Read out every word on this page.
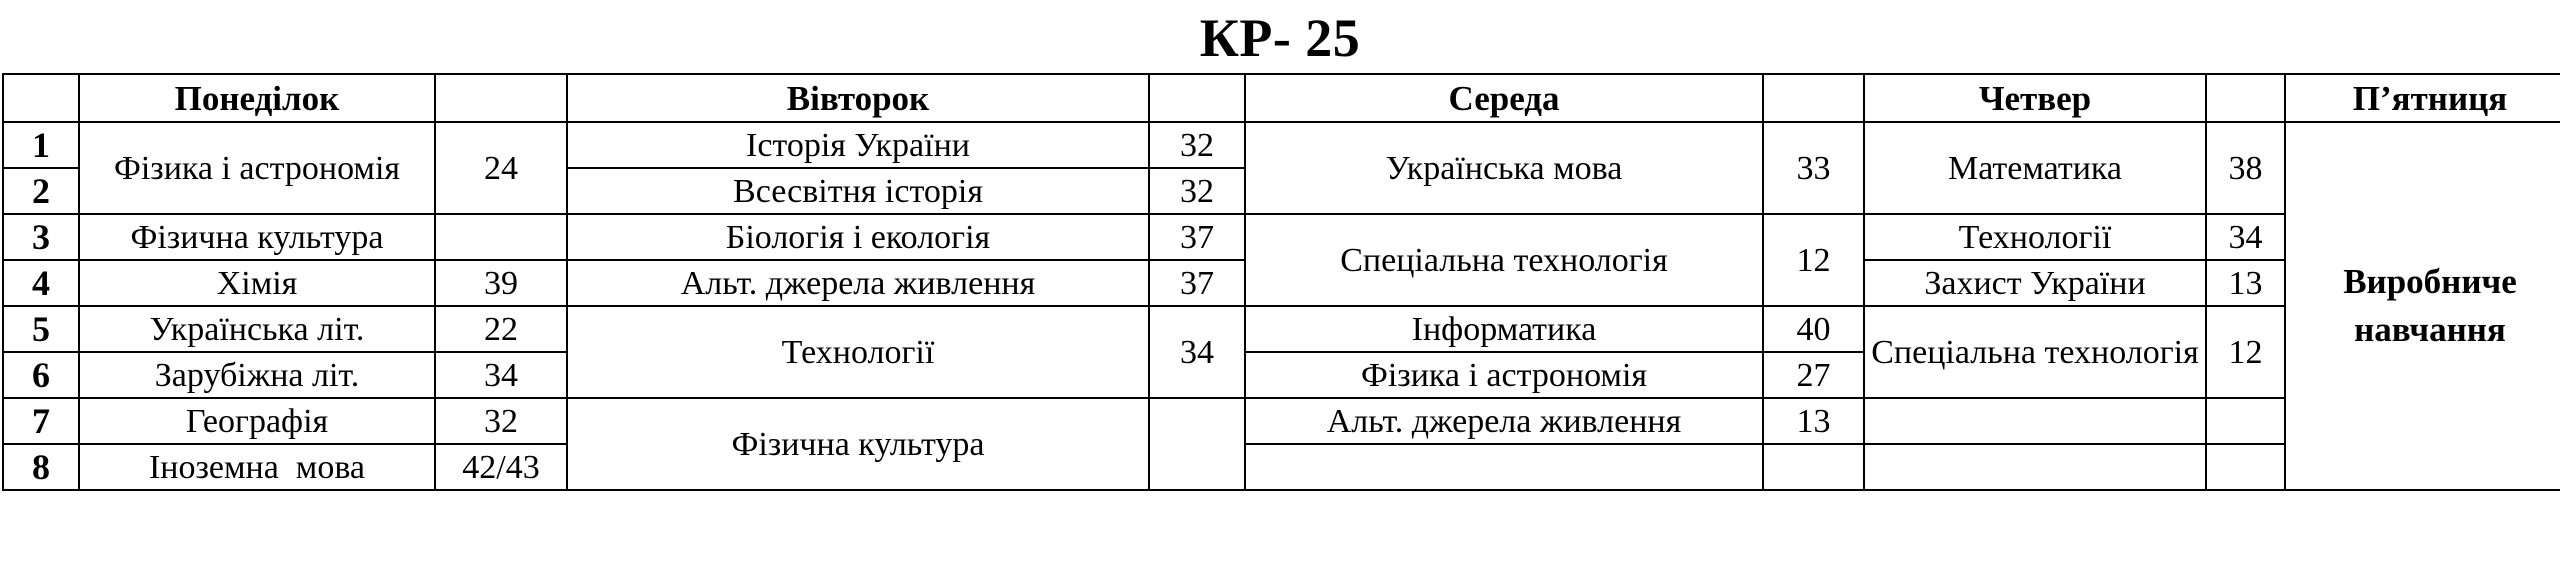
КР- 25
	Понеділок		Вівторок		Середа		Четвер		П’ятниця	
1	Фізика і астрономія	24	Історія України	32	Українська мова	33	Математика	38	Виробниче навчання	
2			Всесвітня історія	32						
3	Фізична культура		Біологія і екологія	37	Спеціальна технологія	12	Технології	34		
4	Хімія	39	Альт. джерела живлення	37			Захист України	13		
5	Українська літ.	22	Технології	34	Інформатика	40	Спеціальна технологія	12		
6	Зарубіжна літ.	34			Фізика і астрономія	27				
7	Географія	32	Фізична культура		Альт. джерела живлення	13				
8	Іноземна  мова	42/43								
